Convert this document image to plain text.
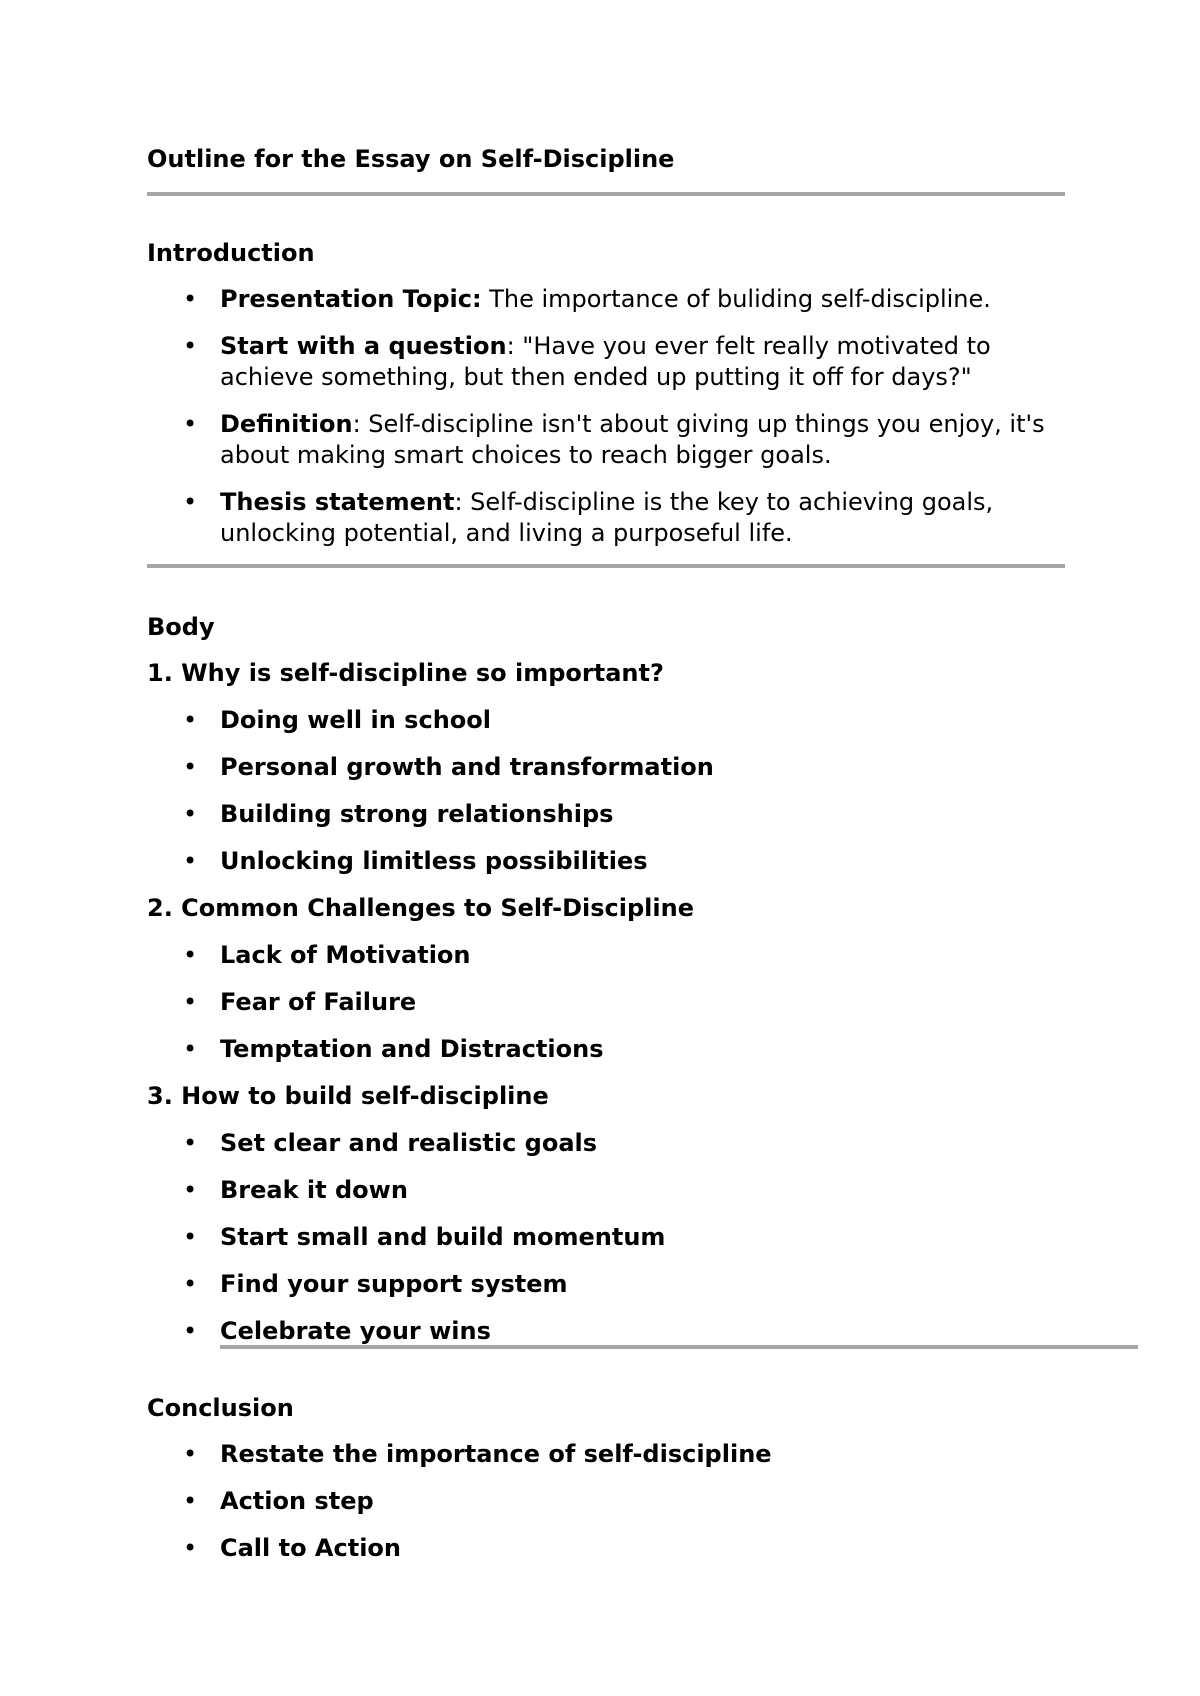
Outline for the Essay on Self-Discipline

Introduction

• Presentation Topic: The importance of buliding self-discipline.
• Start with a question: "Have you ever felt really motivated to achieve something, but then ended up putting it off for days?"
• Definition: Self-discipline isn't about giving up things you enjoy, it's about making smart choices to reach bigger goals.
• Thesis statement: Self-discipline is the key to achieving goals, unlocking potential, and living a purposeful life.

Body

1. Why is self-discipline so important?

• Doing well in school
• Personal growth and transformation
• Building strong relationships
• Unlocking limitless possibilities

2. Common Challenges to Self-Discipline

• Lack of Motivation
• Fear of Failure
• Temptation and Distractions

3. How to build self-discipline

• Set clear and realistic goals
• Break it down
• Start small and build momentum
• Find your support system
• Celebrate your wins

Conclusion

• Restate the importance of self-discipline
• Action step
• Call to Action
